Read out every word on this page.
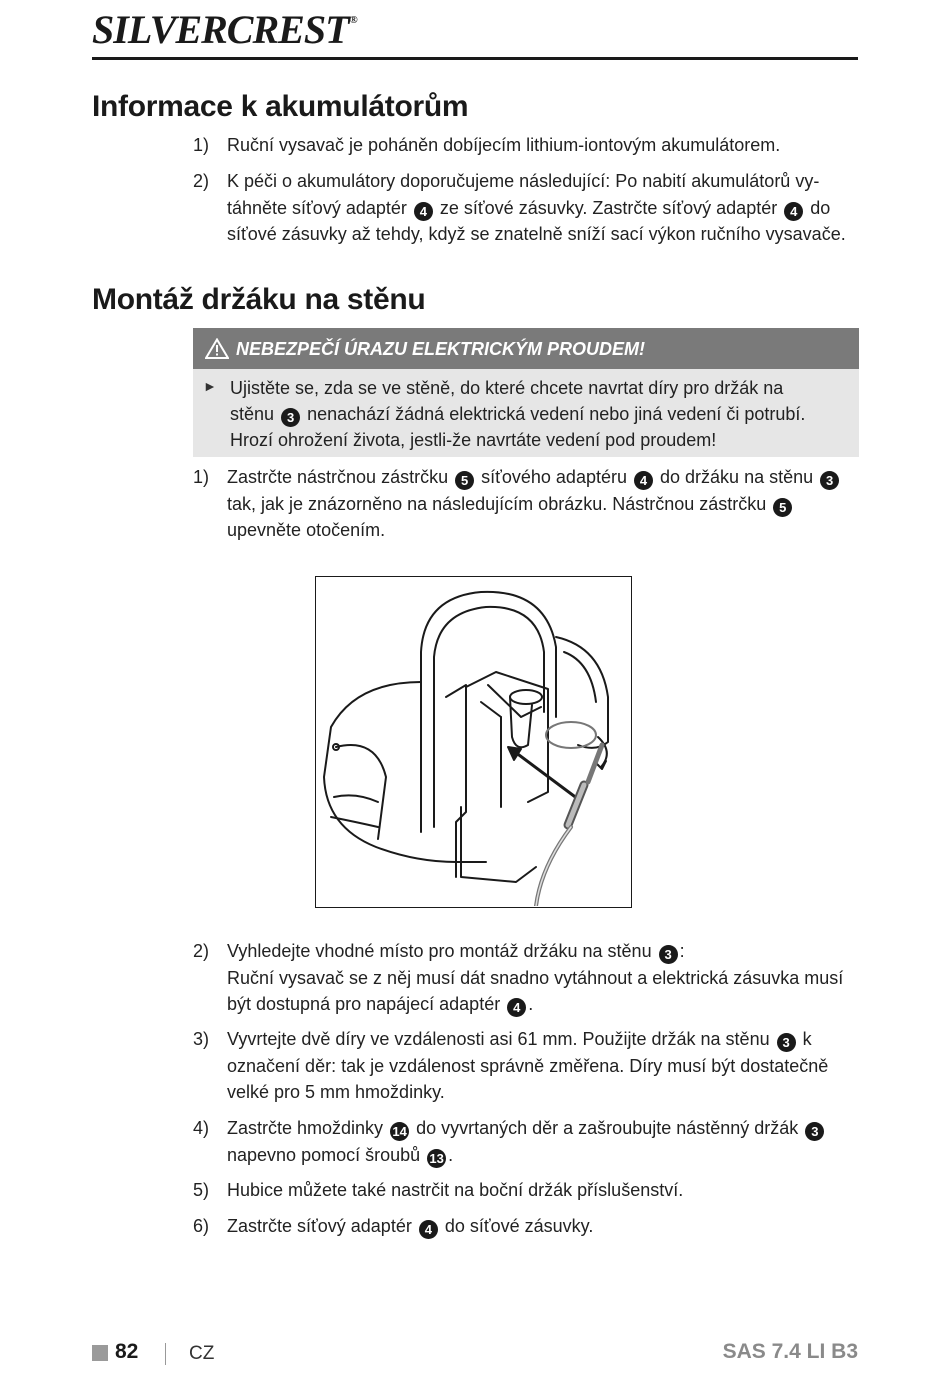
SILVERCREST®
Informace k akumulátorům
1) Ruční vysavač je poháněn dobíjecím lithium-iontovým akumulátorem.
2) K péči o akumulátory doporučujeme následující: Po nabití akumulátorů vy-
táhněte síťový adaptér 4 ze síťové zásuvky. Zastrčte síťový adaptér 4 do
síťové zásuvky až tehdy, když se znatelně sníží sací výkon ručního vysavače.
Montáž držáku na stěnu
NEBEZPEČÍ ÚRAZU ELEKTRICKÝM PROUDEM!
► Ujistěte se, zda se ve stěně, do které chcete navrtat díry pro držák na
stěnu 3 nenachází žádná elektrická vedení nebo jiná vedení či potrubí.
Hrozí ohrožení života, jestli-že navrtáte vedení pod proudem!
1) Zastrčte nástrčnou zástrčku 5 síťového adaptéru 4 do držáku na stěnu 3
tak, jak je znázorněno na následujícím obrázku. Nástrčnou zástrčku 5
upevněte otočením.
2) Vyhledejte vhodné místo pro montáž držáku na stěnu 3 :
Ruční vysavač se z něj musí dát snadno vytáhnout a elektrická zásuvka musí
být dostupná pro napájecí adaptér 4 .
3) Vyvrtejte dvě díry ve vzdálenosti asi 61 mm. Použijte držák na stěnu 3 k
označení děr: tak je vzdálenost správně změřena. Díry musí být dostatečně
velké pro 5 mm hmoždinky.
4) Zastrčte hmoždinky 14 do vyvrtaných děr a zašroubujte nástěnný držák 3
napevno pomocí šroubů 13 .
5) Hubice můžete také nastrčit na boční držák příslušenství.
6) Zastrčte síťový adaptér 4 do síťové zásuvky.
82	CZ	SAS 7.4 LI B3
